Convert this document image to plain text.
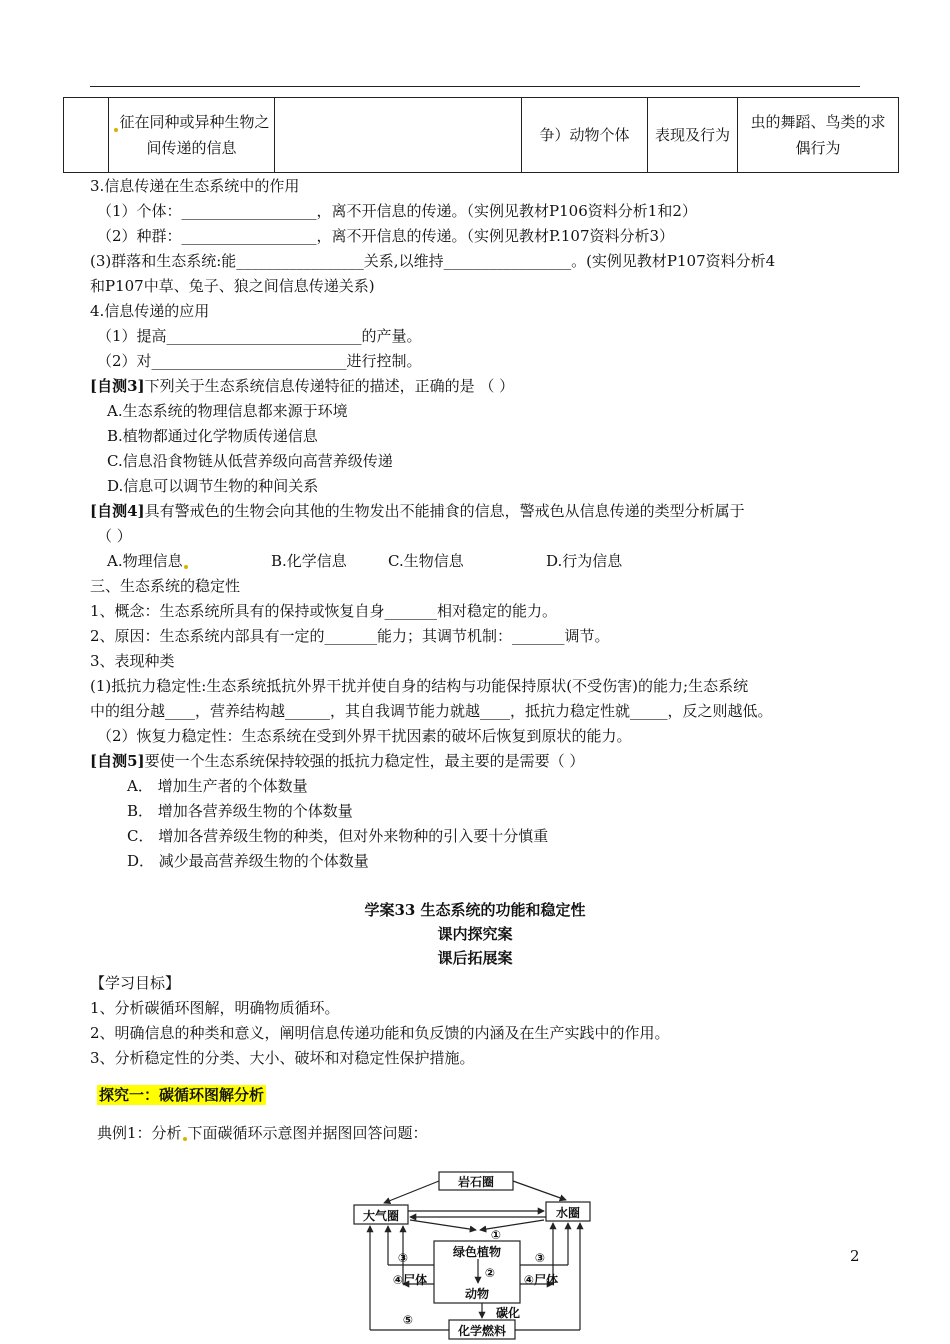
	征在同种或异种生物之间传递的信息		争）动物个体	表现及行为	虫的舞蹈、鸟类的求偶行为
3.信息传递在生态系统中的作用
（1）个体：__________________，离不开信息的传递。（实例见教材P106资料分析1和2）
（2）种群：__________________，离不开信息的传递。（实例见教材P.107资料分析3）
(3)群落和生态系统:能_________________关系,以维持_________________。(实例见教材P107资料分析4
和P107中草、兔子、狼之间信息传递关系)
4.信息传递的应用
（1）提高__________________________的产量。
（2）对__________________________进行控制。
[自测3]下列关于生态系统信息传递特征的描述，正确的是 （ ）
A.生态系统的物理信息都来源于环境
B.植物都通过化学物质传递信息
C.信息沿食物链从低营养级向高营养级传递
D.信息可以调节生物的种间关系
[自测4]具有警戒色的生物会向其他的生物发出不能捕食的信息，警戒色从信息传递的类型分析属于
（ ）
A.物理信息	B.化学信息	C.生物信息	D.行为信息
三、生态系统的稳定性
1、概念：生态系统所具有的保持或恢复自身_______相对稳定的能力。
2、原因：生态系统内部具有一定的_______能力；其调节机制：_______调节。
3、表现种类
(1)抵抗力稳定性:生态系统抵抗外界干扰并使自身的结构与功能保持原状(不受伤害)的能力;生态系统
中的组分越____，营养结构越______，其自我调节能力就越____，抵抗力稳定性就_____，反之则越低。
（2）恢复力稳定性：生态系统在受到外界干扰因素的破坏后恢复到原状的能力。
[自测5]要使一个生态系统保持较强的抵抗力稳定性，最主要的是需要（ ）
A． 增加生产者的个体数量
B． 增加各营养级生物的个体数量
C． 增加各营养级生物的种类，但对外来物种的引入要十分慎重
D． 减少最高营养级生物的个体数量
学案33 生态系统的功能和稳定性
课内探究案
课后拓展案
【学习目标】
1、分析碳循环图解，明确物质循环。
2、明确信息的种类和意义，阐明信息传递功能和负反馈的内涵及在生产实践中的作用。
3、分析稳定性的分类、大小、破坏和对稳定性保护措施。
探究一：碳循环图解分析
典例1：分析 下面碳循环示意图并据图回答问题：
岩石圈
大气圈	水圈
绿色植物
动物
化学燃料
碳化
④尸体	④尸体
①
②
③	③
⑤
2
